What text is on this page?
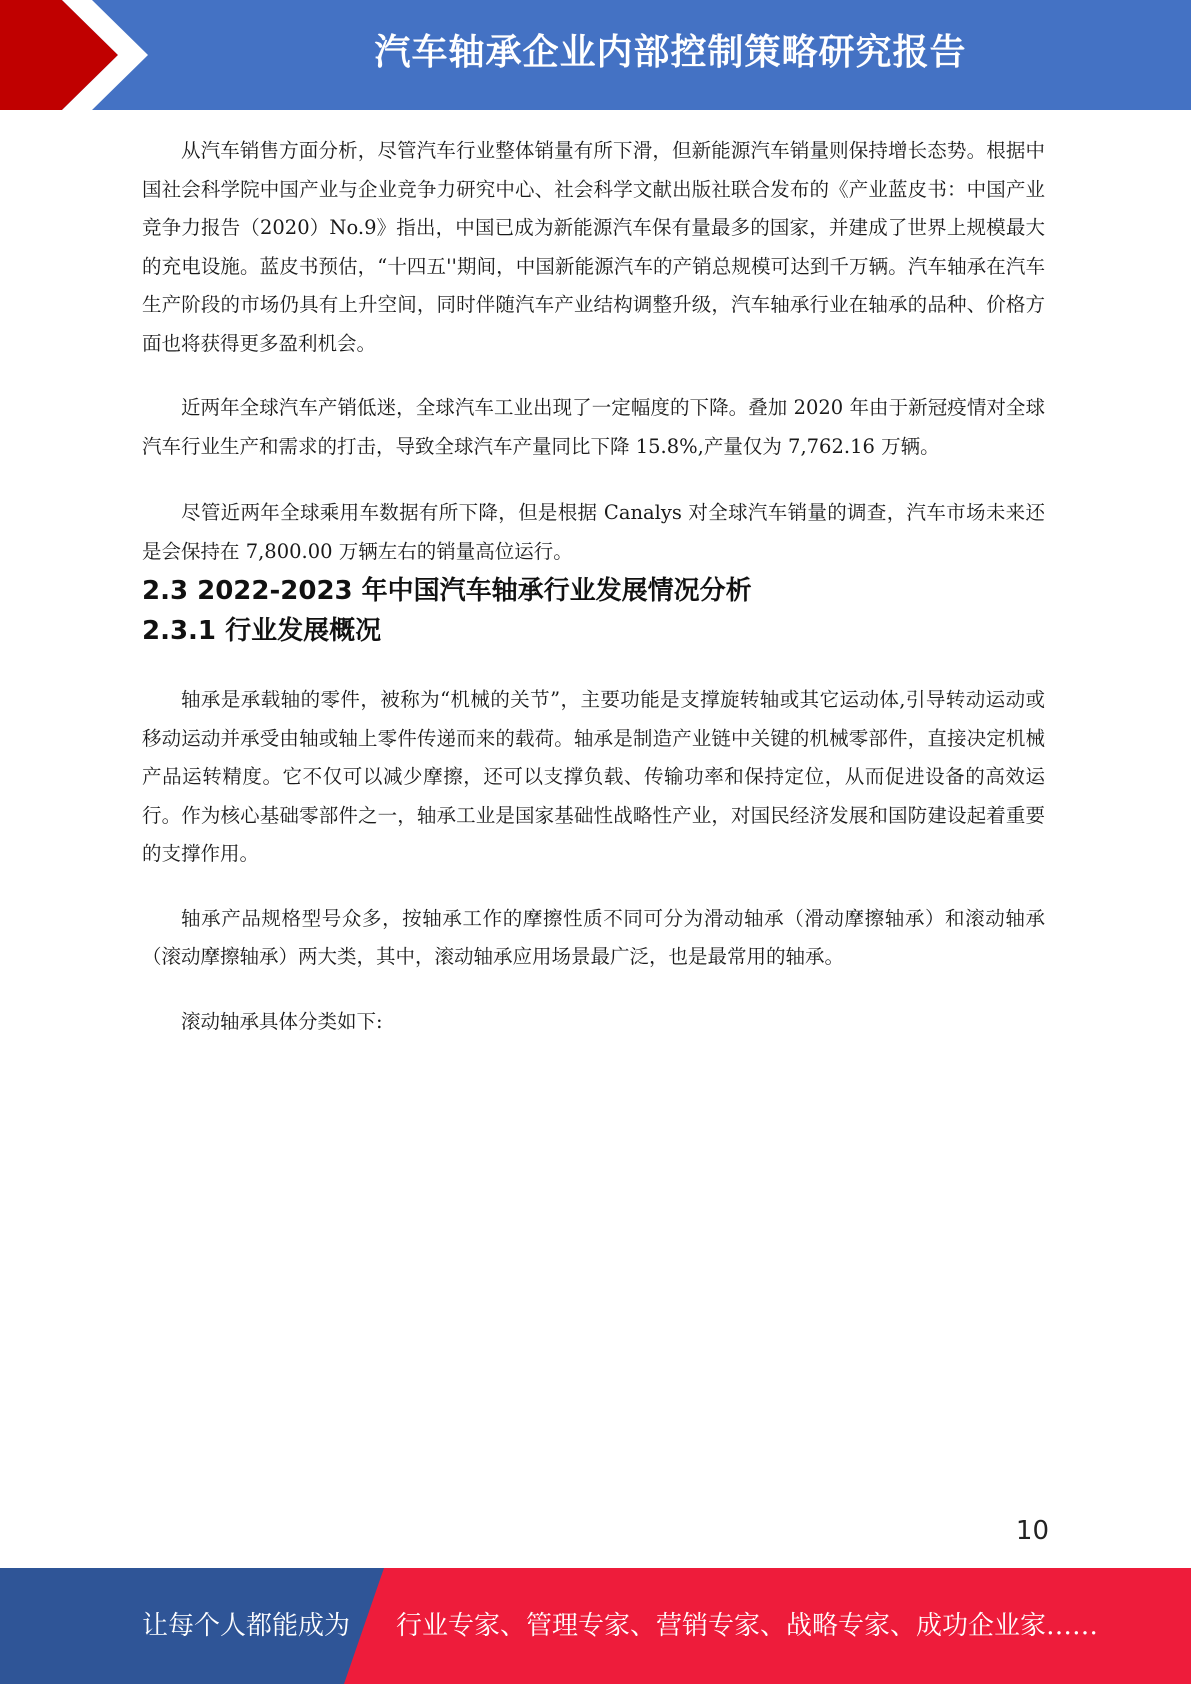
汽车轴承企业内部控制策略研究报告

从汽车销售方面分析，尽管汽车行业整体销量有所下滑，但新能源汽车销量则保持增长态势。根据中国社会科学院中国产业与企业竞争力研究中心、社会科学文献出版社联合发布的《产业蓝皮书：中国产业竞争力报告（2020）No.9》指出，中国已成为新能源汽车保有量最多的国家，并建成了世界上规模最大的充电设施。蓝皮书预估，“十四五''期间，中国新能源汽车的产销总规模可达到千万辆。汽车轴承在汽车生产阶段的市场仍具有上升空间，同时伴随汽车产业结构调整升级，汽车轴承行业在轴承的品种、价格方面也将获得更多盈利机会。

近两年全球汽车产销低迷，全球汽车工业出现了一定幅度的下降。叠加 2020 年由于新冠疫情对全球汽车行业生产和需求的打击，导致全球汽车产量同比下降 15.8%,产量仅为 7,762.16 万辆。

尽管近两年全球乘用车数据有所下降，但是根据 Canalys 对全球汽车销量的调查，汽车市场未来还是会保持在 7,800.00 万辆左右的销量高位运行。

2.3 2022-2023 年中国汽车轴承行业发展情况分析
2.3.1 行业发展概况

轴承是承载轴的零件，被称为“机械的关节”，主要功能是支撑旋转轴或其它运动体,引导转动运动或移动运动并承受由轴或轴上零件传递而来的载荷。轴承是制造产业链中关键的机械零部件，直接决定机械产品运转精度。它不仅可以减少摩擦，还可以支撑负载、传输功率和保持定位，从而促进设备的高效运行。作为核心基础零部件之一，轴承工业是国家基础性战略性产业，对国民经济发展和国防建设起着重要的支撑作用。

轴承产品规格型号众多，按轴承工作的摩擦性质不同可分为滑动轴承（滑动摩擦轴承）和滚动轴承（滚动摩擦轴承）两大类，其中，滚动轴承应用场景最广泛，也是最常用的轴承。

滚动轴承具体分类如下:

10
让每个人都能成为 行业专家、管理专家、营销专家、战略专家、成功企业家……
